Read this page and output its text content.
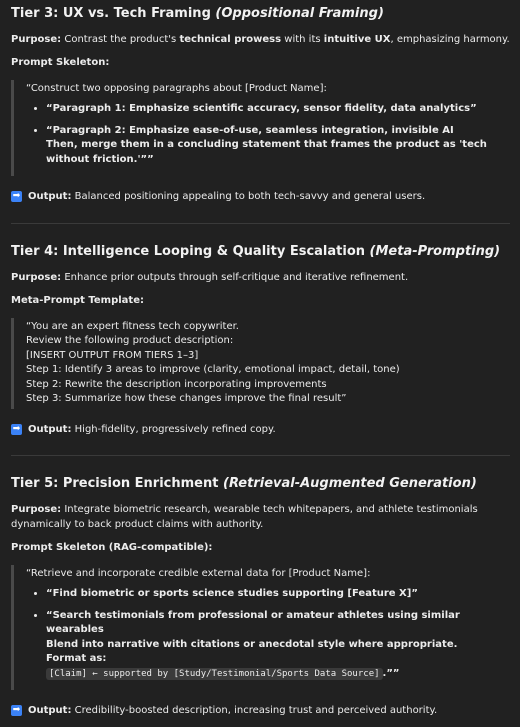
Tier 3: UX vs. Tech Framing (Oppositional Framing)

Purpose: Contrast the product's technical prowess with its intuitive UX, emphasizing harmony.

Prompt Skeleton:
“Construct two opposing paragraphs about [Product Name]:
• “Paragraph 1: Emphasize scientific accuracy, sensor fidelity, data analytics”
• “Paragraph 2: Emphasize ease-of-use, seamless integration, invisible AI
Then, merge them in a concluding statement that frames the product as 'tech without friction.'””
➡ Output: Balanced positioning appealing to both tech-savvy and general users.
Tier 4: Intelligence Looping & Quality Escalation (Meta-Prompting)

Purpose: Enhance prior outputs through self-critique and iterative refinement.

Meta-Prompt Template:
“You are an expert fitness tech copywriter.
Review the following product description:
[INSERT OUTPUT FROM TIERS 1–3]
Step 1: Identify 3 areas to improve (clarity, emotional impact, detail, tone)
Step 2: Rewrite the description incorporating improvements
Step 3: Summarize how these changes improve the final result”
➡ Output: High-fidelity, progressively refined copy.
Tier 5: Precision Enrichment (Retrieval-Augmented Generation)

Purpose: Integrate biometric research, wearable tech whitepapers, and athlete testimonials dynamically to back product claims with authority.

Prompt Skeleton (RAG-compatible):
“Retrieve and incorporate credible external data for [Product Name]:
• “Find biometric or sports science studies supporting [Feature X]”
• “Search testimonials from professional or amateur athletes using similar wearables
Blend into narrative with citations or anecdotal style where appropriate.
Format as:
[Claim] ← supported by [Study/Testimonial/Sports Data Source] .””
➡ Output: Credibility-boosted description, increasing trust and perceived authority.
